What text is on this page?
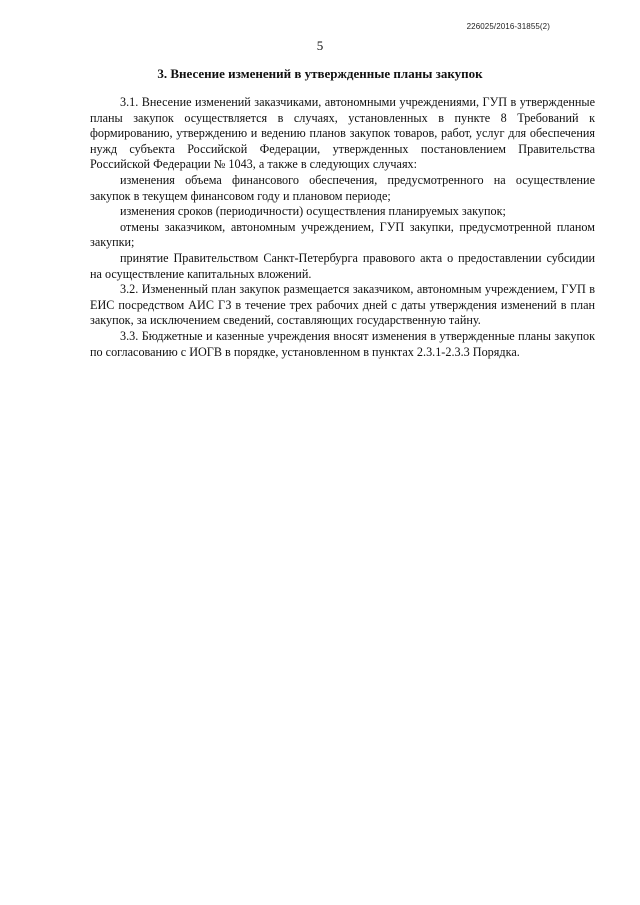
226025/2016-31855(2)
5
3. Внесение изменений в утвержденные планы закупок

3.1. Внесение изменений заказчиками, автономными учреждениями, ГУП в утвержденные планы закупок осуществляется в случаях, установленных в пункте 8 Требований к формированию, утверждению и ведению планов закупок товаров, работ, услуг для обеспечения нужд субъекта Российской Федерации, утвержденных постановлением Правительства Российской Федерации № 1043, а также в следующих случаях:

изменения объема финансового обеспечения, предусмотренного на осуществление закупок в текущем финансовом году и плановом периоде;

изменения сроков (периодичности) осуществления планируемых закупок;

отмены заказчиком, автономным учреждением, ГУП закупки, предусмотренной планом закупки;

принятие Правительством Санкт-Петербурга правового акта о предоставлении субсидии на осуществление капитальных вложений.

3.2. Измененный план закупок размещается заказчиком, автономным учреждением, ГУП в ЕИС посредством АИС ГЗ в течение трех рабочих дней с даты утверждения изменений в план закупок, за исключением сведений, составляющих государственную тайну.

3.3. Бюджетные и казенные учреждения вносят изменения в утвержденные планы закупок по согласованию с ИОГВ в порядке, установленном в пунктах 2.3.1-2.3.3 Порядка.
